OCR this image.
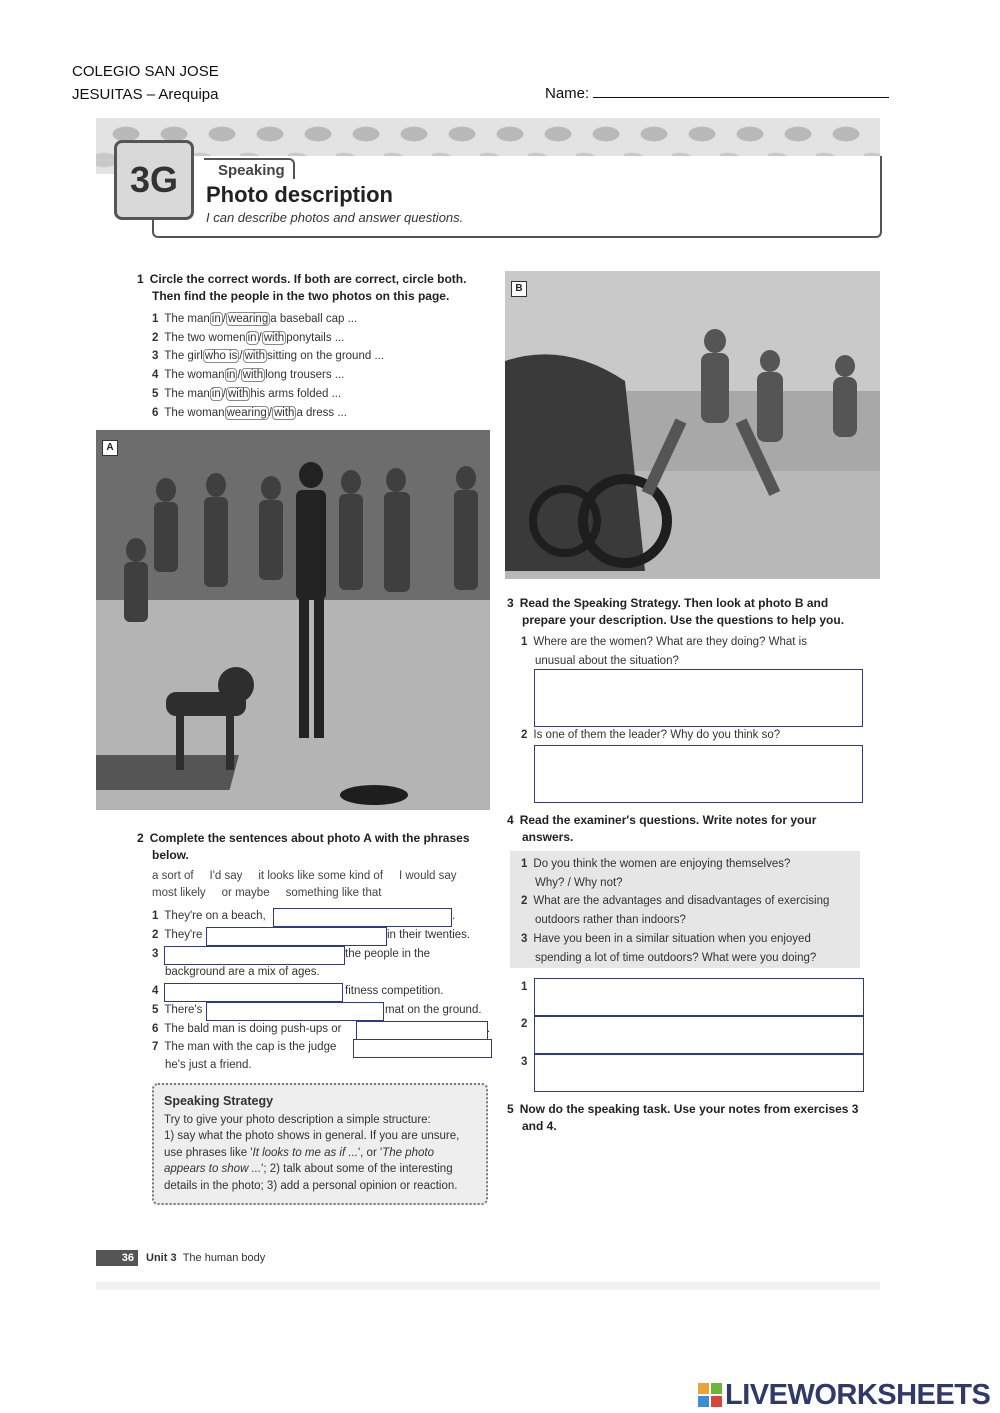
COLEGIO SAN JOSE
JESUITAS – Arequipa	Name:
3G	Speaking
Photo description
I can describe photos and answer questions.
1 Circle the correct words. If both are correct, circle both.
Then find the people in the two photos on this page.
1 The man in / wearing a baseball cap ...
2 The two women in / with ponytails ...
3 The girl who is / with sitting on the ground ...
4 The woman in / with long trousers ...
5 The man in / with his arms folded ...
6 The woman wearing / with a dress ...
A
B
2 Complete the sentences about photo A with the phrases
below.
a sort of     I'd say     it looks like some kind of     I would say
most likely     or maybe     something like that
1 They're on a beach,	.
2 They're	in their twenties.
3	the people in the
background are a mix of ages.
4	fitness competition.
5 There's	mat on the ground.
6 The bald man is doing push-ups or	.
7 The man with the cap is the judge
he's just a friend.
Speaking Strategy
Try to give your photo description a simple structure:
1) say what the photo shows in general. If you are unsure,
use phrases like 'It looks to me as if ...', or 'The photo
appears to show ...'; 2) talk about some of the interesting
details in the photo; 3) add a personal opinion or reaction.
3 Read the Speaking Strategy. Then look at photo B and
prepare your description. Use the questions to help you.
1 Where are the women? What are they doing? What is
unusual about the situation?
2 Is one of them the leader? Why do you think so?
4 Read the examiner's questions. Write notes for your
answers.
1 Do you think the women are enjoying themselves?
Why? / Why not?
2 What are the advantages and disadvantages of exercising
outdoors rather than indoors?
3 Have you been in a similar situation when you enjoyed
spending a lot of time outdoors? What were you doing?
1
2
3
5 Now do the speaking task. Use your notes from exercises 3
and 4.
36	Unit 3 The human body
LIVEWORKSHEETS
